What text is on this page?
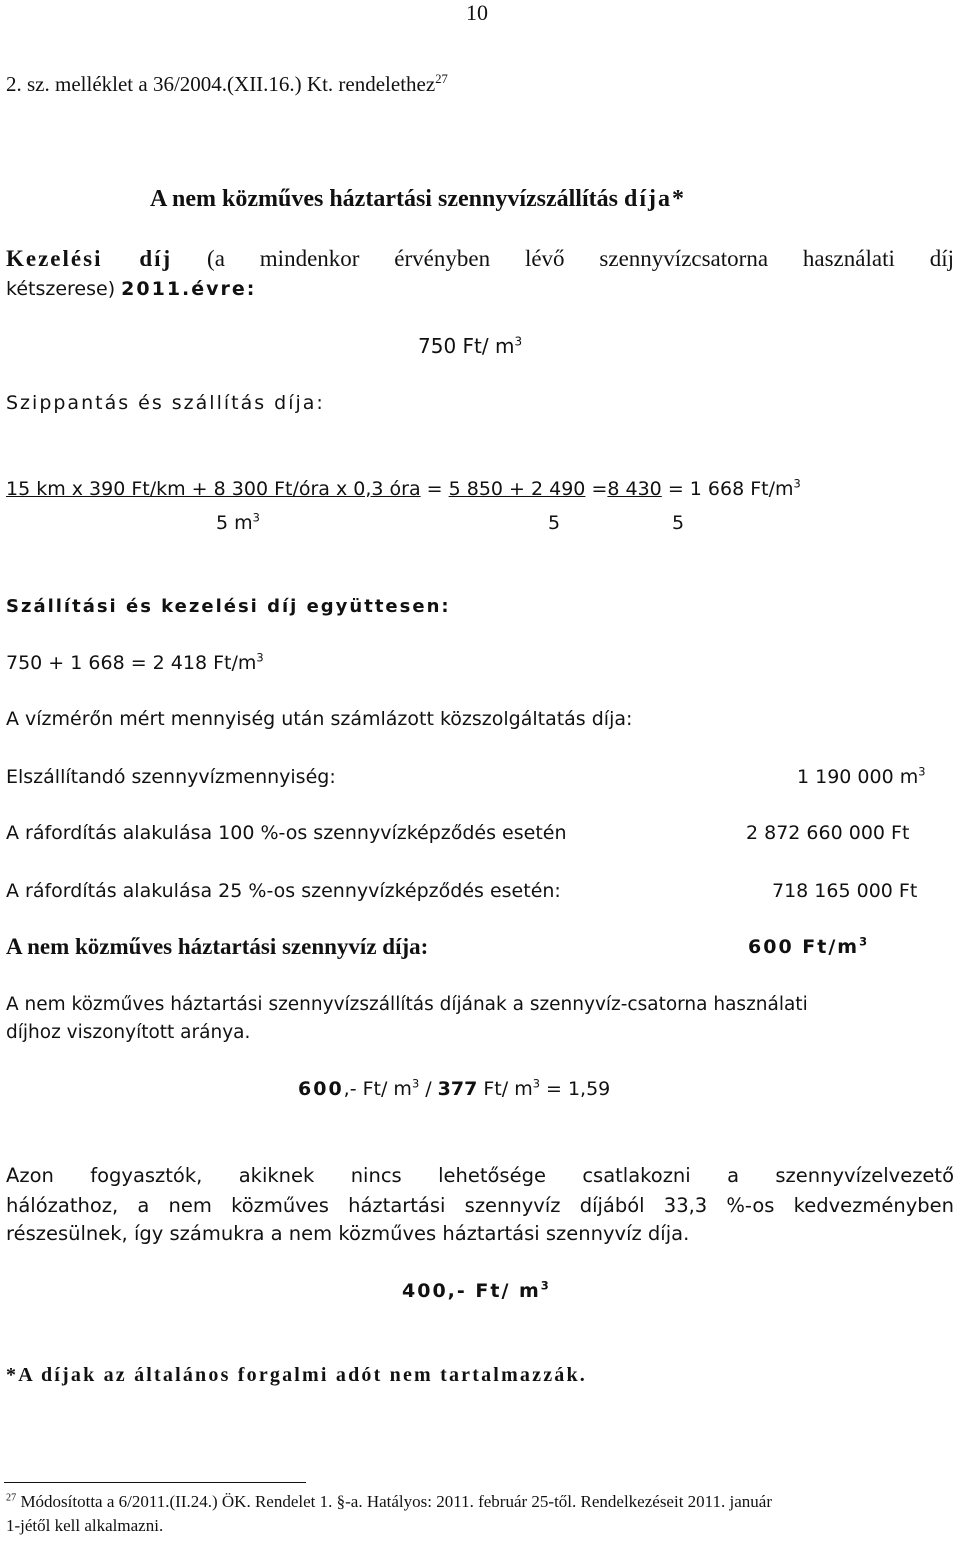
10
2. sz. melléklet a 36/2004.(XII.16.) Kt. rendelethez$^{27}$
A nem közműves háztartási szennyvízszállítás díja*
Kezelési díj (a mindenkor érvényben lévő szennyvízcsatorna használati díj
kétszerese) 2011.évre:
750 Ft/ $m^3$
Szippantás és szállítás díja:
15 km x 390 Ft/km + 8 300 Ft/óra x 0,3 óra = 5 850 + 2 490 =8 430 = 1 668 $Ft/m^3$
5 $m^3$	5	5
Szállítási és kezelési díj együttesen:
750 + 1 668 = 2 418 $Ft/m^3$
A vízmérőn mért mennyiség után számlázott közszolgáltatás díja:
Elszállítandó szennyvízmennyiség:	1 190 000 $m^3$
A ráfordítás alakulása 100 %-os szennyvízképződés esetén	2 872 660 000 Ft
A ráfordítás alakulása 25 %-os szennyvízképződés esetén:	718 165 000 Ft
A nem közműves háztartási szennyvíz díja:	600 $Ft/m^3$
A nem közműves háztartási szennyvízszállítás díjának a szennyvíz-csatorna használati
díjhoz viszonyított aránya.
600,- Ft/ $m^3 / 377$ Ft/ $m^3 = 1,59$
Azon fogyasztók, akiknek nincs lehetősége csatlakozni a szennyvízelvezető
hálózathoz, a nem közműves háztartási szennyvíz díjából 33,3 %-os kedvezményben
részesülnek, így számukra a nem közműves háztartási szennyvíz díja.
400,- Ft/ $m^3$
*A díjak az általános forgalmi adót nem tartalmazzák.
$^{27}$ Módosította a 6/2011.(II.24.) ÖK. Rendelet 1. §-a. Hatályos: 2011. február 25-től. Rendelkezéseit 2011. január
1-jétől kell alkalmazni.
